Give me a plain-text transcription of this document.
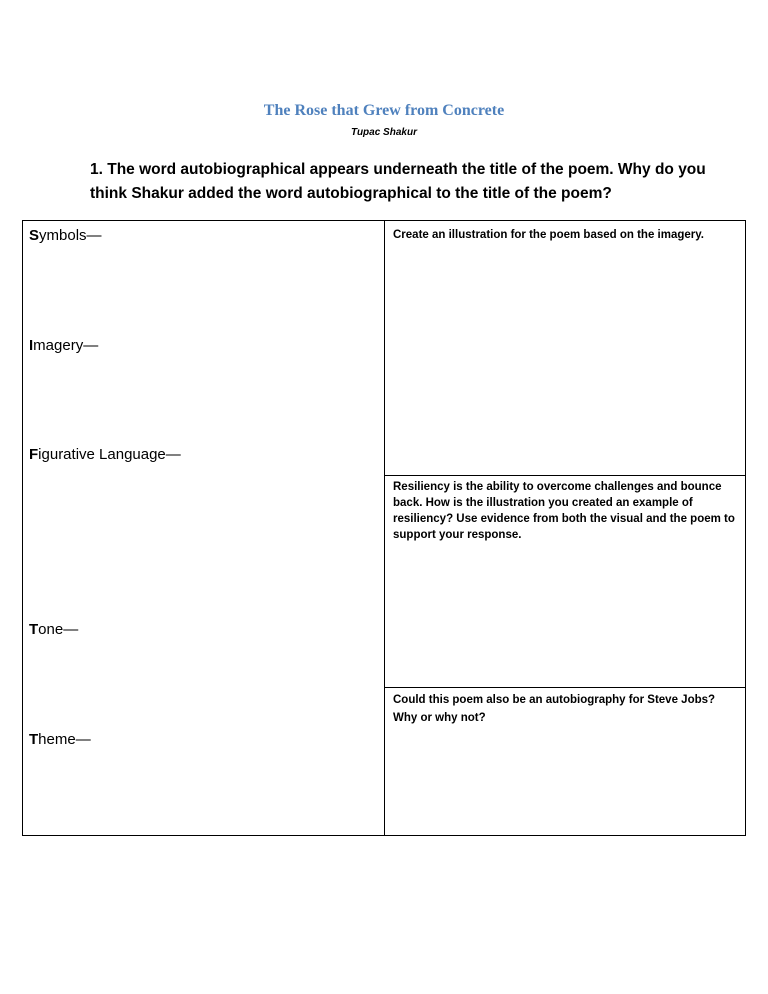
The Rose that Grew from Concrete
Tupac Shakur
1. The word autobiographical appears underneath the title of the poem. Why do you think Shakur added the word autobiographical to the title of the poem?
Symbols—
Imagery—
Figurative Language—
Tone—
Theme—
Create an illustration for the poem based on the imagery.
Resiliency is the ability to overcome challenges and bounce back. How is the illustration you created an example of resiliency? Use evidence from both the visual and the poem to support your response.
Could this poem also be an autobiography for Steve Jobs? Why or why not?
